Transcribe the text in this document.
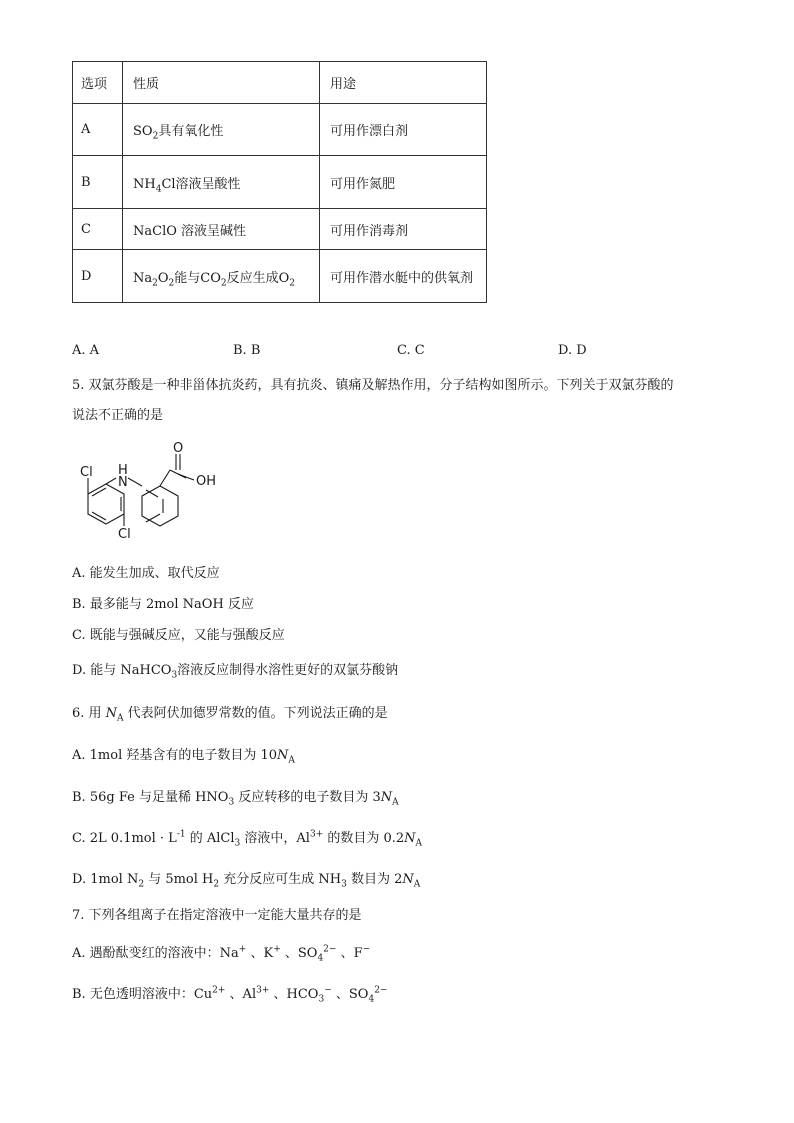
选项	性质	用途
A	$SO_2$具有氧化性	可用作漂白剂
B	$NH_4Cl$溶液呈酸性	可用作氮肥
C	NaClO 溶液呈碱性	可用作消毒剂
D	$Na_2O_2$能与$CO_2$反应生成$O_2$	可用作潜水艇中的供氧剂
A. A	B. B	C. C	D. D
5. 双氯芬酸是一种非甾体抗炎药，具有抗炎、镇痛及解热作用，分子结构如图所示。下列关于双氯芬酸的
说法不正确的是
O
OH
H
N
Cl
Cl
A. 能发生加成、取代反应
B. 最多能与 2mol NaOH 反应
C. 既能与强碱反应，又能与强酸反应
D. 能与 NaHCO$_3$溶液反应制得水溶性更好的双氯芬酸钠
6. 用 $N_A$ 代表阿伏加德罗常数的值。下列说法正确的是
A. 1mol 羟基含有的电子数目为 $10N_A$
B. 56g Fe 与足量稀 $HNO_3$ 反应转移的电子数目为 $3N_A$
C. 2L $0.1mol \cdot L^{-1}$ 的 AlCl$_3$ 溶液中，$Al^{3+}$ 的数目为 $0.2N_A$
D. 1mol $N_2$ 与 5mol $H_2$ 充分反应可生成 $NH_3$ 数目为 $2N_A$
7. 下列各组离子在指定溶液中一定能大量共存的是
A. 遇酚酞变红的溶液中：Na+ 、K+ 、$SO_4^{2-}$ 、F−
B. 无色透明溶液中：$Cu^{2+}$ 、$Al^{3+}$ 、$HCO_3^-$ 、$SO_4^{2-}$
